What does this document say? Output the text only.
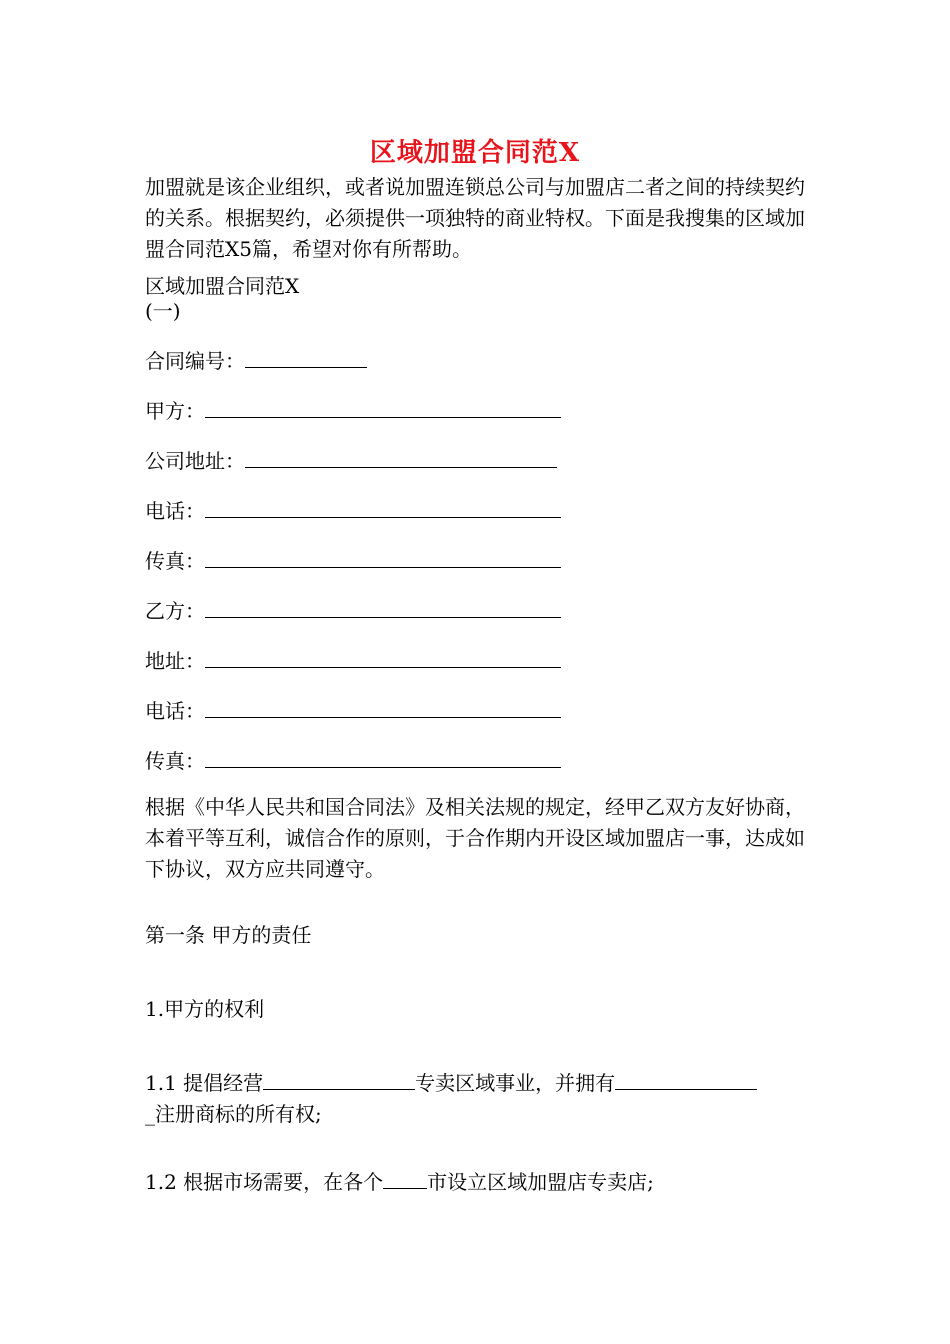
区域加盟合同范X
加盟就是该企业组织，或者说加盟连锁总公司与加盟店二者之间的持续契约的关系。根据契约，必须提供一项独特的商业特权。下面是我搜集的区域加盟合同范X5篇，希望对你有所帮助。
区域加盟合同范X
(一)
合同编号：
甲方：
公司地址：
电话：
传真：
乙方：
地址：
电话：
传真：
根据《中华人民共和国合同法》及相关法规的规定，经甲乙双方友好协商，本着平等互利，诚信合作的原则，于合作期内开设区域加盟店一事，达成如下协议，双方应共同遵守。
第一条 甲方的责任
1.甲方的权利
1.1 提倡经营	专卖区域事业，并拥有
_注册商标的所有权;
1.2 根据市场需要，在各个 市设立区域加盟店专卖店;
